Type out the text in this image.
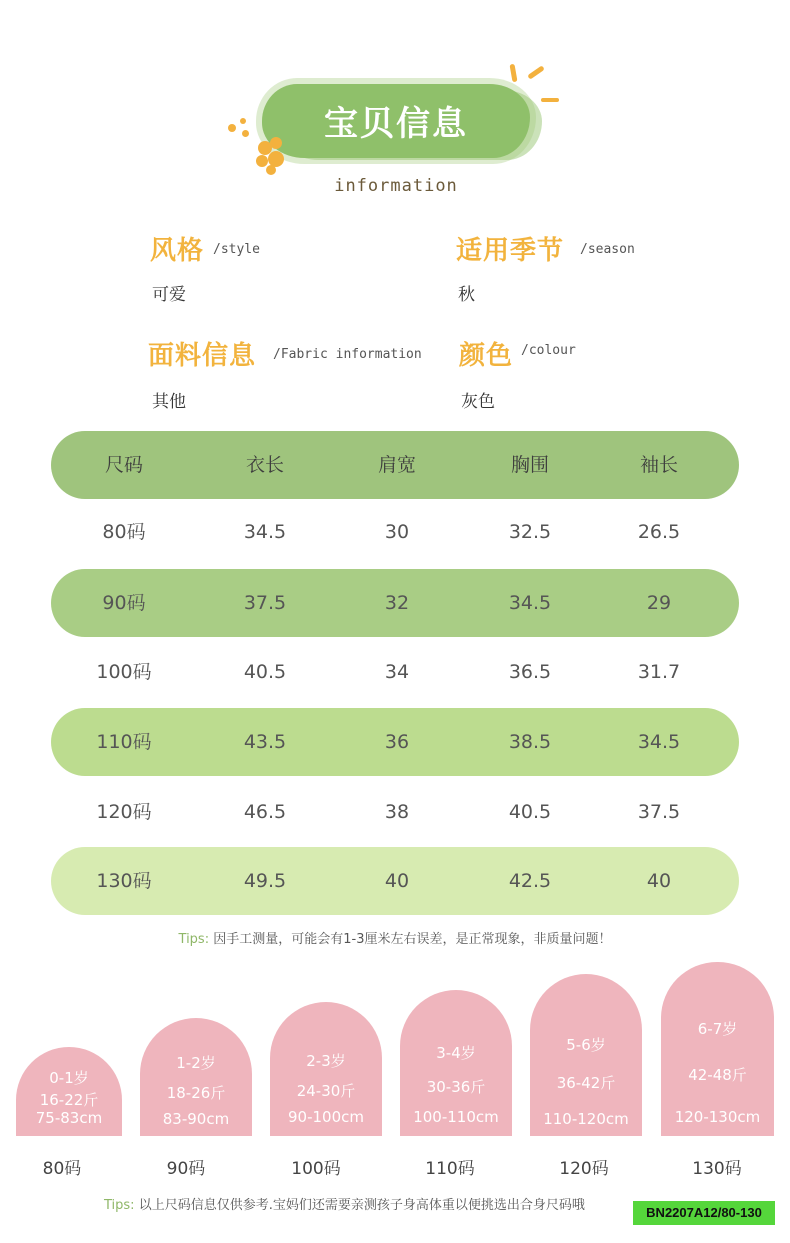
宝贝信息
information
风格 /style
可爱
适用季节 /season
秋
面料信息 /Fabric information
其他
颜色 /colour
灰色
尺码	衣长	肩宽	胸围	袖长
80码	34.5	30	32.5	26.5
90码	37.5	32	34.5	29
100码	40.5	34	36.5	31.7
110码	43.5	36	38.5	34.5
120码	46.5	38	40.5	37.5
130码	49.5	40	42.5	40
Tips: 因手工测量，可能会有1-3厘米左右误差，是正常现象，非质量问题！
0-1岁
16-22斤
75-83cm
1-2岁
18-26斤
83-90cm
2-3岁
24-30斤
90-100cm
3-4岁
30-36斤
100-110cm
5-6岁
36-42斤
110-120cm
6-7岁
42-48斤
120-130cm
80码	90码	100码	110码	120码	130码
Tips: 以上尺码信息仅供参考.宝妈们还需要亲测孩子身高体重以便挑选出合身尺码哦	BN2207A12/80-130
